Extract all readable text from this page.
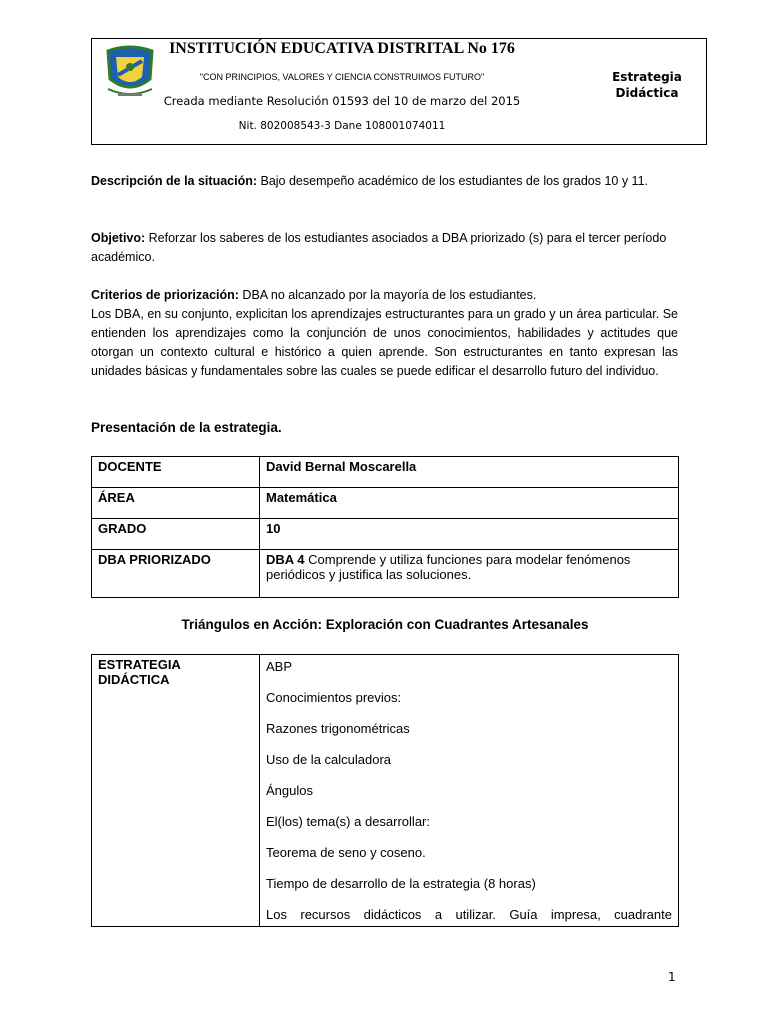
INSTITUCIÓN EDUCATIVA DISTRITAL No 176
"CON PRINCIPIOS, VALORES Y CIENCIA CONSTRUIMOS FUTURO"
Creada mediante Resolución 01593 del 10 de marzo del 2015
Nit. 802008543-3 Dane 108001074011
Estrategia
Didáctica
Descripción de la situación: Bajo desempeño académico de los estudiantes de los grados 10 y 11.
Objetivo: Reforzar los saberes de los estudiantes asociados a DBA priorizado (s) para el tercer período académico.
Criterios de priorización: DBA no alcanzado por la mayoría de los estudiantes.
Los DBA, en su conjunto, explicitan los aprendizajes estructurantes para un grado y un área particular. Se entienden los aprendizajes como la conjunción de unos conocimientos, habilidades y actitudes que otorgan un contexto cultural e histórico a quien aprende. Son estructurantes en tanto expresan las unidades básicas y fundamentales sobre las cuales se puede edificar el desarrollo futuro del individuo.
Presentación de la estrategia.
DOCENTE	David Bernal Moscarella
ÁREA	Matemática
GRADO	10
DBA PRIORIZADO	DBA 4 Comprende y utiliza funciones para modelar fenómenos periódicos y justifica las soluciones.
Triángulos en Acción: Exploración con Cuadrantes Artesanales
ESTRATEGIA DIDÁCTICA	
ABP
Conocimientos previos:
Razones trigonométricas
Uso de la calculadora
Ángulos
El(los) tema(s) a desarrollar:
Teorema de seno y coseno.
Tiempo de desarrollo de la estrategia (8 horas)
Los recursos didácticos a utilizar. Guía impresa, cuadrante
1
